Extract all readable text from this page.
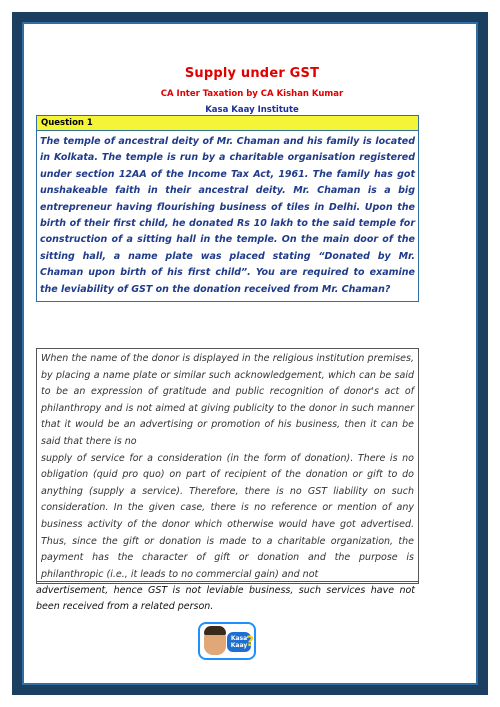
Supply under GST
CA Inter Taxation by CA Kishan Kumar
Kasa Kaay Institute
Question 1
The temple of ancestral deity of Mr. Chaman and his family is located in Kolkata. The temple is run by a charitable organisation registered under section 12AA of the Income Tax Act, 1961. The family has got unshakeable faith in their ancestral deity. Mr. Chaman is a big entrepreneur having flourishing business of tiles in Delhi. Upon the birth of their first child, he donated Rs 10 lakh to the said temple for construction of a sitting hall in the temple. On the main door of the sitting hall, a name plate was placed stating “Donated by Mr. Chaman upon birth of his first child”. You are required to examine the leviability of GST on the donation received from Mr. Chaman?

When the name of the donor is displayed in the religious institution premises, by placing a name plate or similar such acknowledgement, which can be said to be an expression of gratitude and public recognition of donor's act of philanthropy and is not aimed at giving publicity to the donor in such manner that it would be an advertising or promotion of his business, then it can be said that there is no

supply of service for a consideration (in the form of donation). There is no obligation (quid pro quo) on part of recipient of the donation or gift to do anything (supply a service). Therefore, there is no GST liability on such consideration. In the given case, there is no reference or mention of any business activity of the donor which otherwise would have got advertised. Thus, since the gift or donation is made to a charitable organization, the payment has the character of gift or donation and the purpose is philanthropic (i.e., it leads to no commercial gain) and not

advertisement, hence GST is not leviable business, such services have not been received from a related person.

Kasa
Kaay
?
